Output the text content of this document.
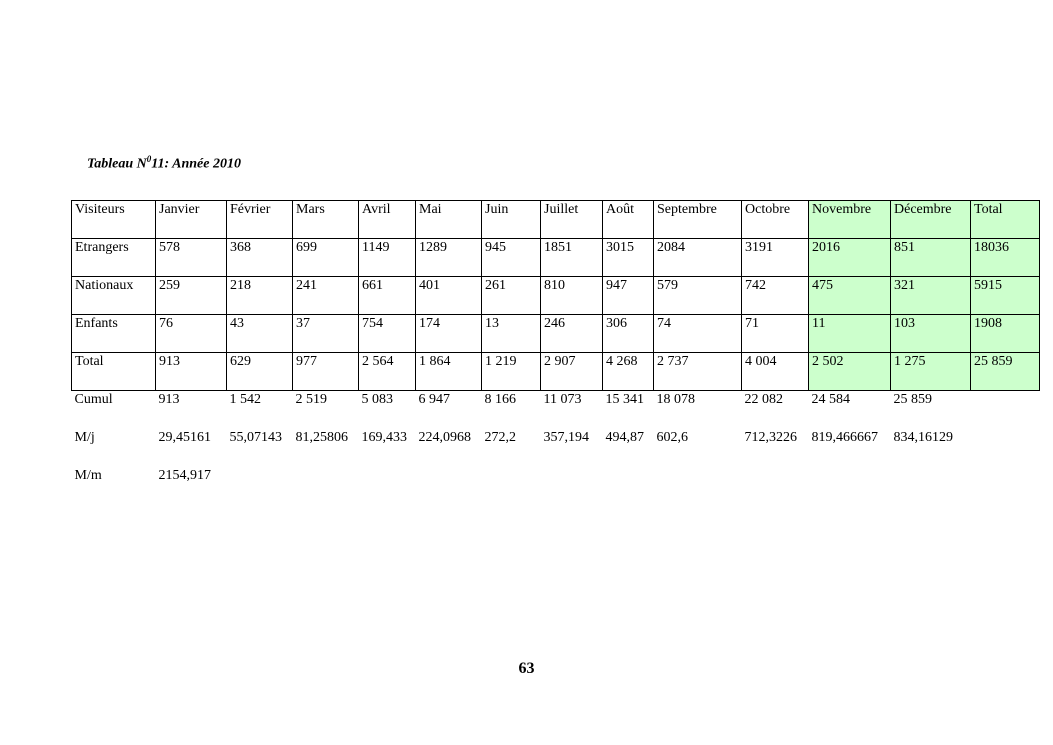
Tableau $N^011$: Année 2010
Visiteurs	Janvier	Février	Mars	Avril	Mai	Juin	Juillet	Août	Septembre	Octobre	Novembre	Décembre	Total
Etrangers	578	368	699	1149	1289	945	1851	3015	2084	3191	2016	851	18036
Nationaux	259	218	241	661	401	261	810	947	579	742	475	321	5915
Enfants	76	43	37	754	174	13	246	306	74	71	11	103	1908
Total	913	629	977	2 564	1 864	1 219	2 907	4 268	2 737	4 004	2 502	1 275	25 859
Cumul	913	1 542	2 519	5 083	6 947	8 166	11 073	15 341	18 078	22 082	24 584	25 859	
M/j	29,45161	55,07143	81,25806	169,433	224,0968	272,2	357,194	494,87	602,6	712,3226	819,466667	834,16129	
M/m	2154,917												
63
